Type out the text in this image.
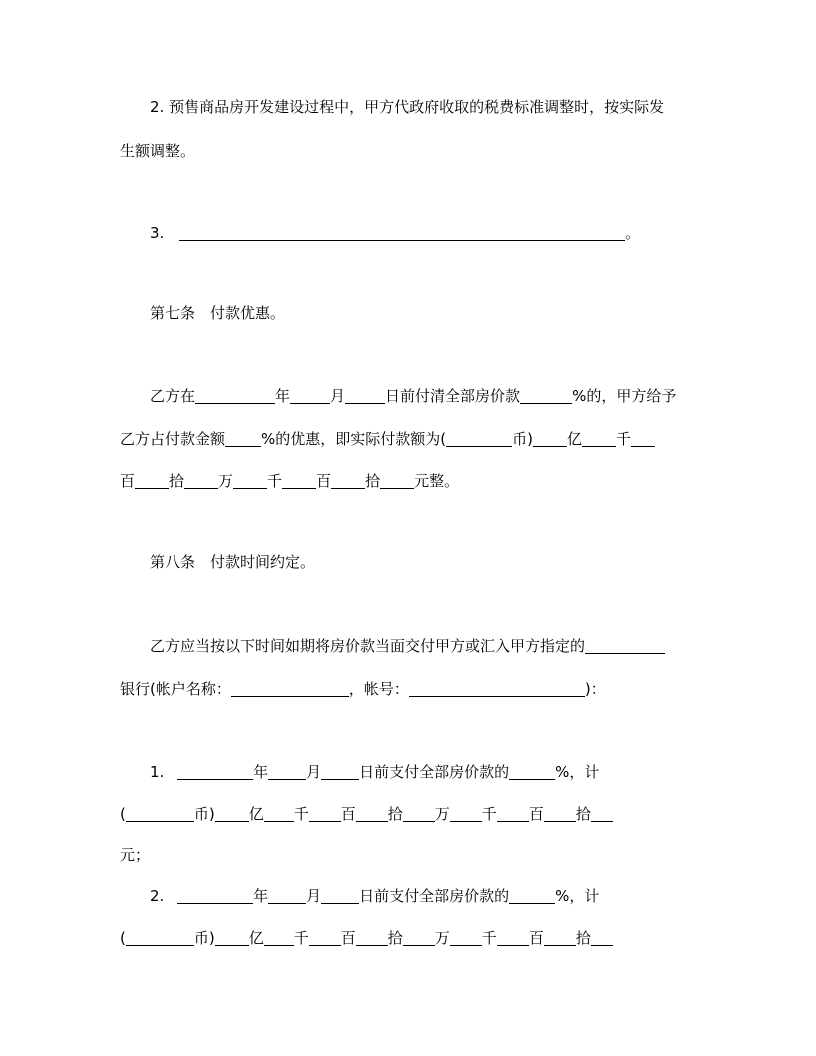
2. 预售商品房开发建设过程中，甲方代政府收取的税费标准调整时，按实际发
生额调整。
3.	。
第七条　付款优惠。
乙方在	年	月	日前付清全部房价款	%的，甲方给予
乙方占付款金额 %的优惠，即实际付款额为(	币) 亿 千
百 拾 万 千 百 拾 元整。
第八条　付款时间约定。
乙方应当按以下时间如期将房价款当面交付甲方或汇入甲方指定的
银行(帐户名称：	，帐号：	)：
1.	年	月	日前支付全部房价款的	%，计
(	币) 亿 千 百 拾 万 千 百 拾
元；
2.	年	月	日前支付全部房价款的	%，计
(	币) 亿 千 百 拾 万 千 百 拾
